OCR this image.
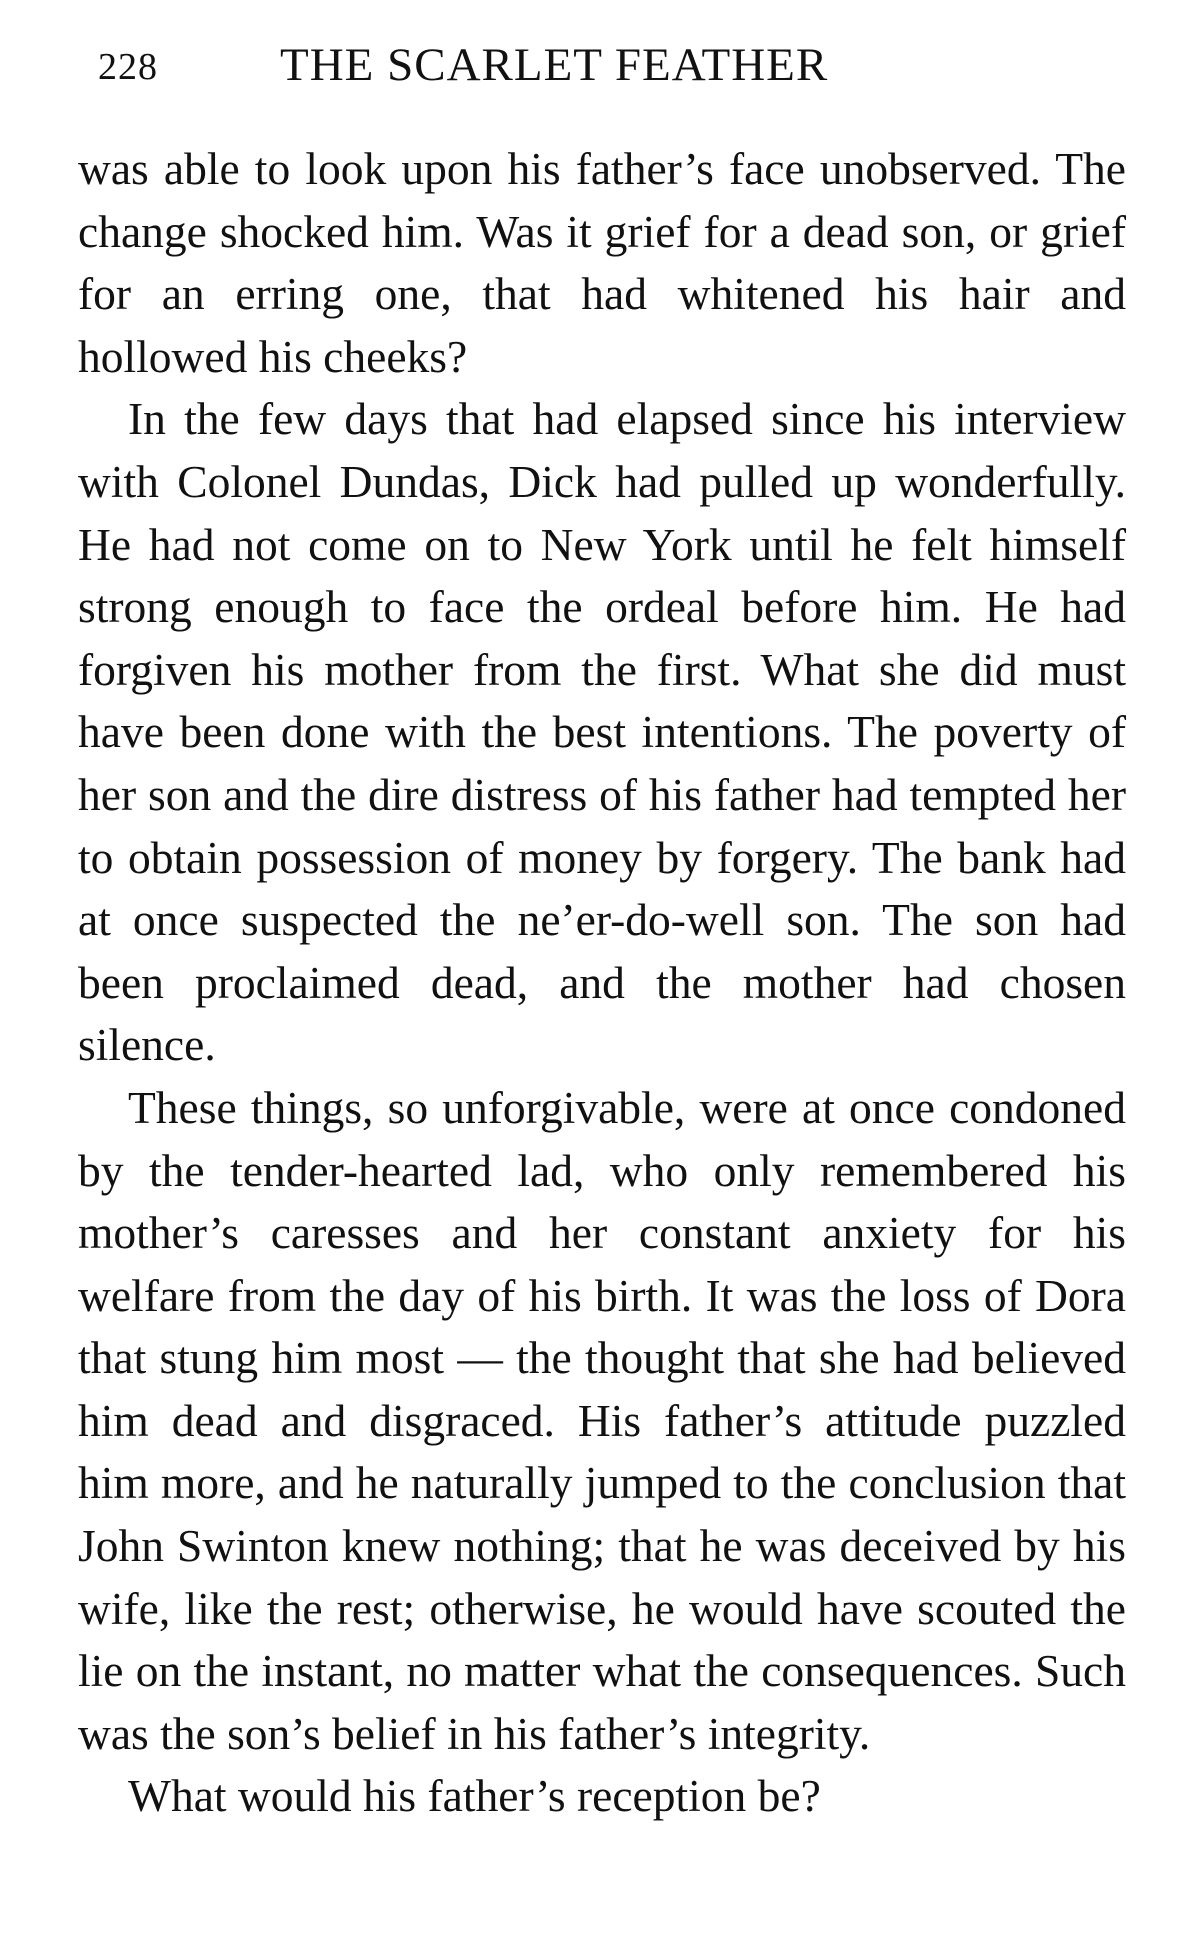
228	THE SCARLET FEATHER

was able to look upon his father’s face unobserved. The change shocked him. Was it grief for a dead son, or grief for an erring one, that had whitened his hair and hollowed his cheeks?

In the few days that had elapsed since his interview with Colonel Dundas, Dick had pulled up wonderfully. He had not come on to New York until he felt himself strong enough to face the ordeal before him. He had forgiven his mother from the first. What she did must have been done with the best intentions. The poverty of her son and the dire distress of his father had tempted her to obtain possession of money by forgery. The bank had at once suspected the ne’er-do-well son. The son had been proclaimed dead, and the mother had chosen silence.

These things, so unforgivable, were at once condoned by the tender-hearted lad, who only remembered his mother’s caresses and her constant anxiety for his welfare from the day of his birth. It was the loss of Dora that stung him most — the thought that she had believed him dead and disgraced. His father’s attitude puzzled him more, and he naturally jumped to the conclusion that John Swinton knew nothing; that he was deceived by his wife, like the rest; otherwise, he would have scouted the lie on the instant, no matter what the consequences. Such was the son’s belief in his father’s integrity.

What would his father’s reception be?
